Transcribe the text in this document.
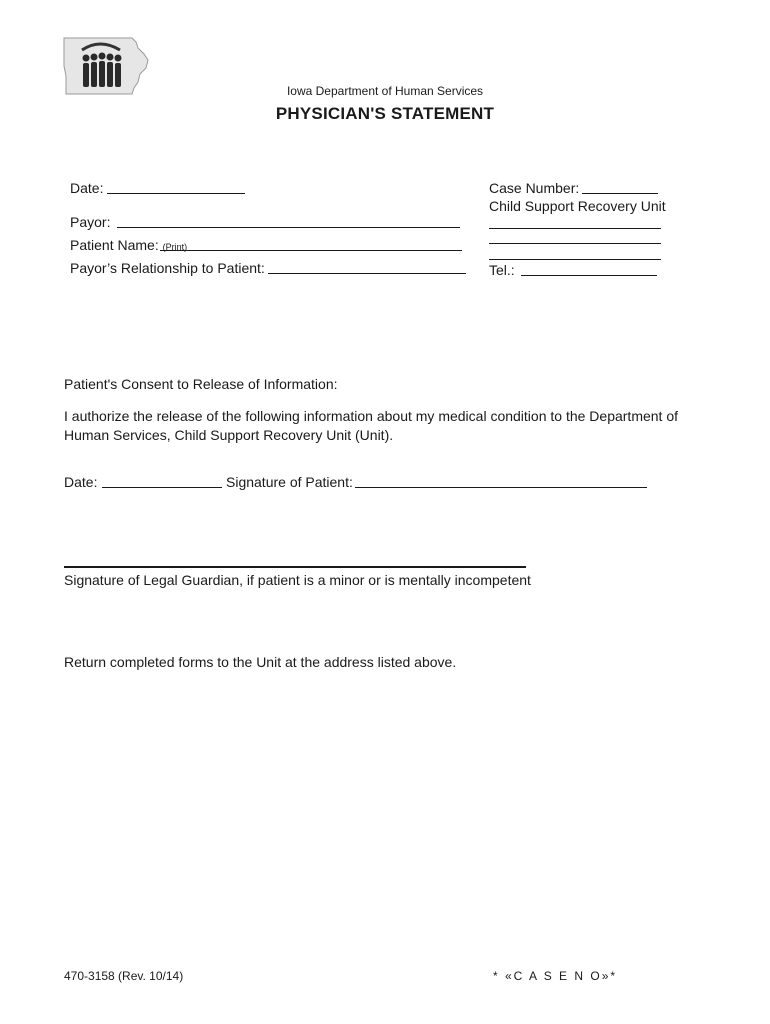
Iowa Department of Human Services
PHYSICIAN'S STATEMENT
Date:
Payor:
Patient Name: (Print)
Payor’s Relationship to Patient:
Case Number:
Child Support Recovery Unit
Tel.:
Patient's Consent to Release of Information:
I authorize the release of the following information about my medical condition to the Department of Human Services, Child Support Recovery Unit (Unit).
Date:	Signature of Patient:
Signature of Legal Guardian, if patient is a minor or is mentally incompetent
Return completed forms to the Unit at the address listed above.
470-3158 (Rev. 10/14)	* «C A S E N O»*
